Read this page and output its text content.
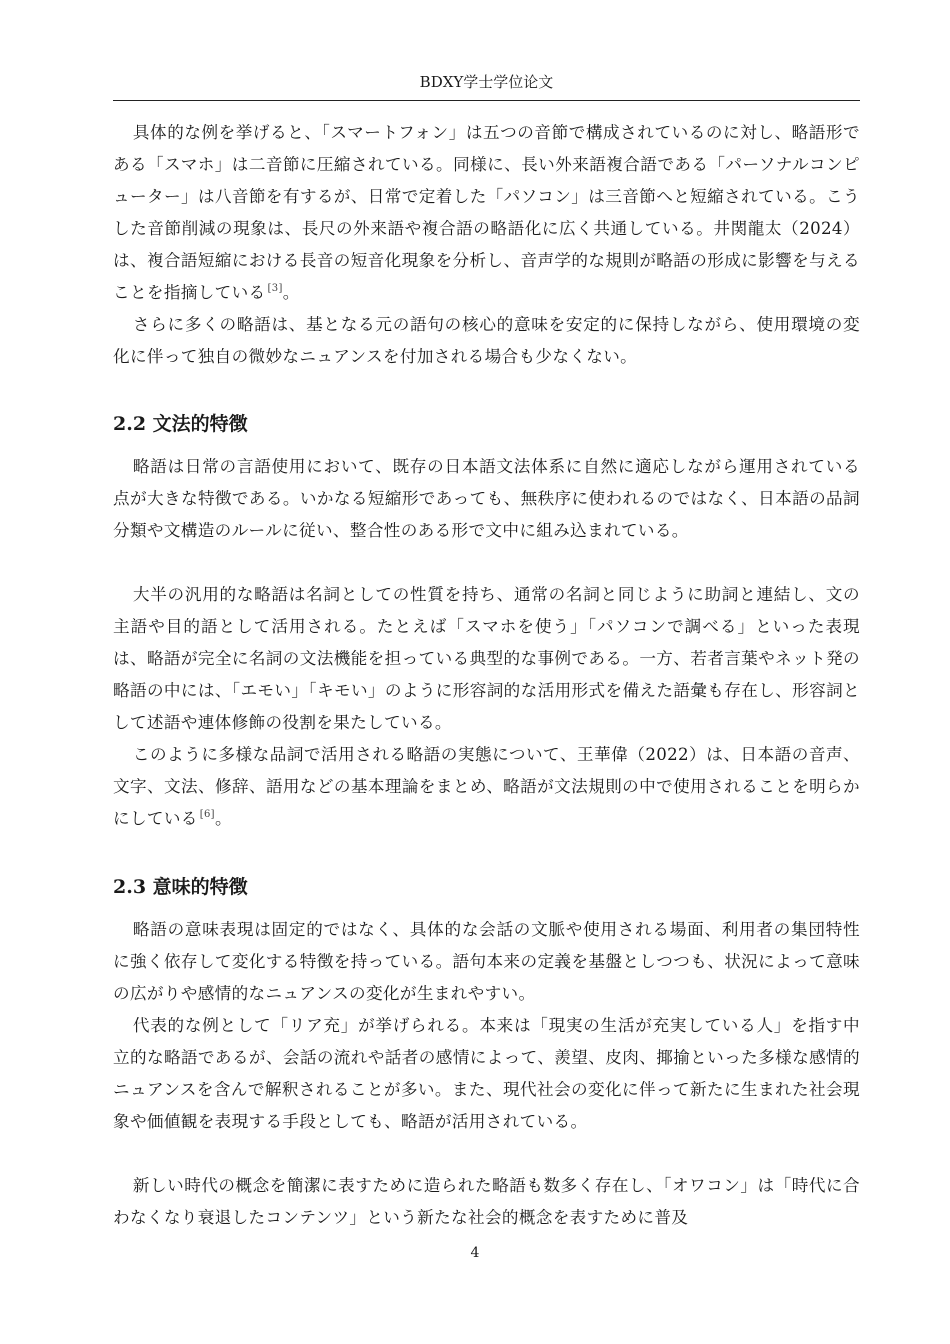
BDXY学士学位论文

具体的な例を挙げると、「スマートフォン」は五つの音節で構成されているのに対し、略語形である「スマホ」は二音節に圧縮されている。同様に、長い外来語複合語である「パーソナルコンピューター」は八音節を有するが、日常で定着した「パソコン」は三音節へと短縮されている。こうした音節削減の現象は、長尺の外来語や複合語の略語化に広く共通している。井関龍太（2024）は、複合語短縮における長音の短音化現象を分析し、音声学的な規則が略語の形成に影響を与えることを指摘している [3]。

さらに多くの略語は、基となる元の語句の核心的意味を安定的に保持しながら、使用環境の変化に伴って独自の微妙なニュアンスを付加される場合も少なくない。

2.2 文法的特徴

略語は日常の言語使用において、既存の日本語文法体系に自然に適応しながら運用されている点が大きな特徴である。いかなる短縮形であっても、無秩序に使われるのではなく、日本語の品詞分類や文構造のルールに従い、整合性のある形で文中に組み込まれている。

大半の汎用的な略語は名詞としての性質を持ち、通常の名詞と同じように助詞と連結し、文の主語や目的語として活用される。たとえば「スマホを使う」「パソコンで調べる」といった表現は、略語が完全に名詞の文法機能を担っている典型的な事例である。一方、若者言葉やネット発の略語の中には、「エモい」「キモい」のように形容詞的な活用形式を備えた語彙も存在し、形容詞として述語や連体修飾の役割を果たしている。

このように多様な品詞で活用される略語の実態について、王華偉（2022）は、日本語の音声、文字、文法、修辞、語用などの基本理論をまとめ、略語が文法規則の中で使用されることを明らかにしている [6]。

2.3 意味的特徴

略語の意味表現は固定的ではなく、具体的な会話の文脈や使用される場面、利用者の集団特性に強く依存して変化する特徴を持っている。語句本来の定義を基盤としつつも、状況によって意味の広がりや感情的なニュアンスの変化が生まれやすい。

代表的な例として「リア充」が挙げられる。本来は「現実の生活が充実している人」を指す中立的な略語であるが、会話の流れや話者の感情によって、羨望、皮肉、揶揄といった多様な感情的ニュアンスを含んで解釈されることが多い。また、現代社会の変化に伴って新たに生まれた社会現象や価値観を表現する手段としても、略語が活用されている。

新しい時代の概念を簡潔に表すために造られた略語も数多く存在し、「オワコン」は「時代に合わなくなり衰退したコンテンツ」という新たな社会的概念を表すために普及

4
